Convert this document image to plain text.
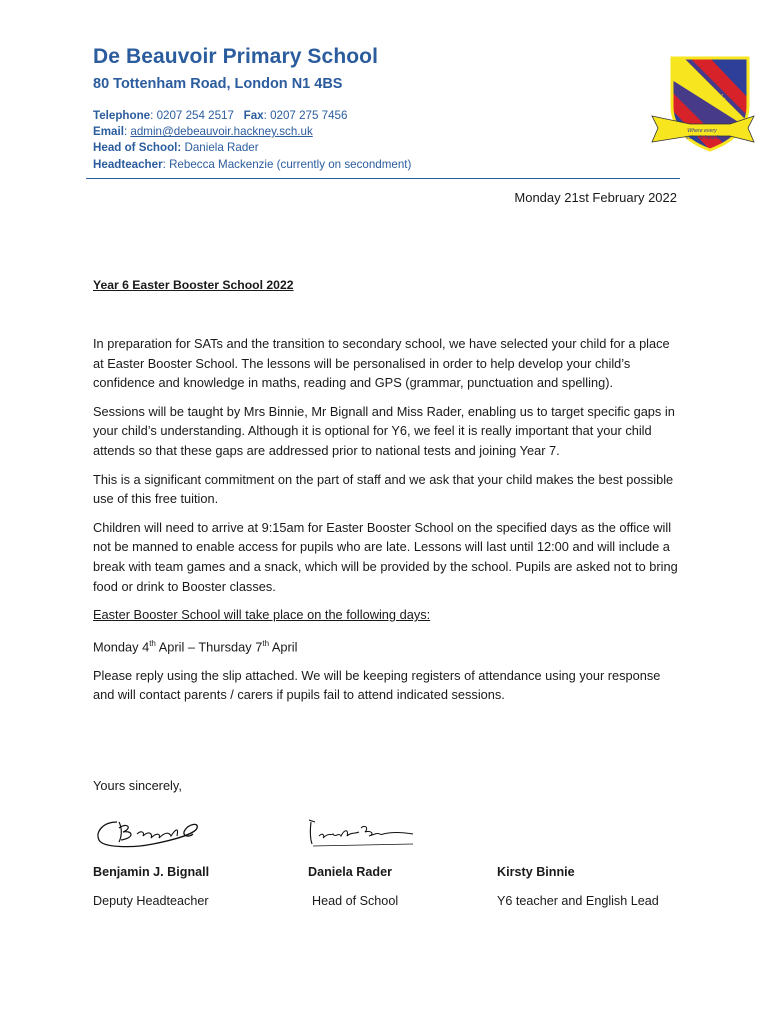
De Beauvoir Primary School
80 Tottenham Road, London N1 4BS
Telephone: 0207 254 2517 Fax: 0207 275 7456
Email: admin@debeauvoir.hackney.sch.uk
Head of School: Daniela Rader
Headteacher: Rebecca Mackenzie (currently on secondment)
DeBeauvoir
Where every
voice is heard
Monday 21st February 2022
Year 6 Easter Booster School 2022

In preparation for SATs and the transition to secondary school, we have selected your child for a place at Easter Booster School. The lessons will be personalised in order to help develop your child’s confidence and knowledge in maths, reading and GPS (grammar, punctuation and spelling).

Sessions will be taught by Mrs Binnie, Mr Bignall and Miss Rader, enabling us to target specific gaps in your child’s understanding. Although it is optional for Y6, we feel it is really important that your child attends so that these gaps are addressed prior to national tests and joining Year 7.

This is a significant commitment on the part of staff and we ask that your child makes the best possible use of this free tuition.

Children will need to arrive at 9:15am for Easter Booster School on the specified days as the office will not be manned to enable access for pupils who are late. Lessons will last until 12:00 and will include a break with team games and a snack, which will be provided by the school. Pupils are asked not to bring food or drink to Booster classes.

Easter Booster School will take place on the following days:

Monday 4th April – Thursday 7th April

Please reply using the slip attached. We will be keeping registers of attendance using your response and will contact parents / carers if pupils fail to attend indicated sessions.

Yours sincerely,
Benjamin J. Bignall	Daniela Rader	Kirsty Binnie
Deputy Headteacher	Head of School	Y6 teacher and English Lead
